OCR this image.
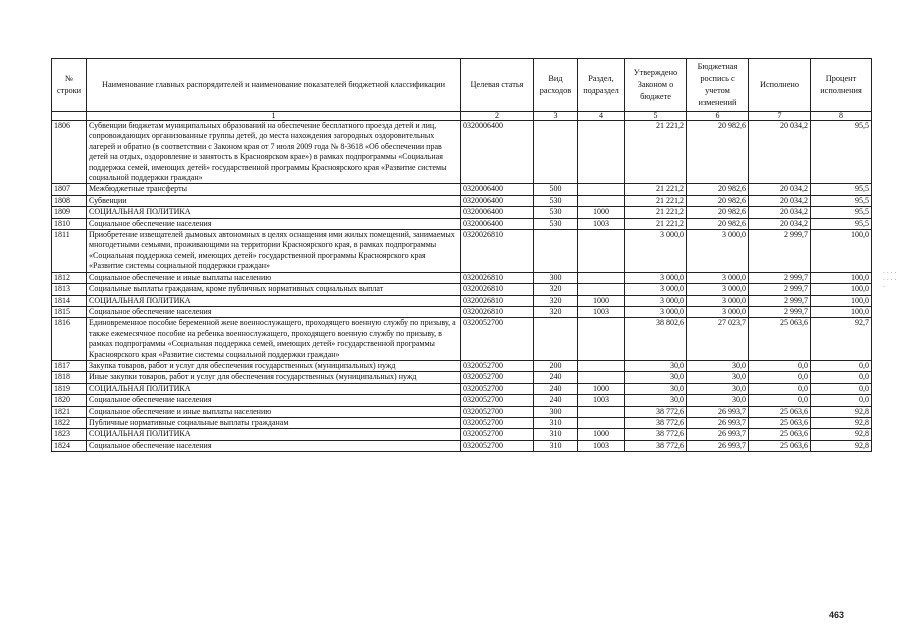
№ строки	Наименование главных распорядителей и наименование показателей бюджетной классификации	Целевая статья	Вид расходов	Раздел, подраздел	Утверждено Законом о бюджете	Бюджетная роспись с учетом изменений	Исполнено	Процент исполнения
	1	2	3	4	5	6	7	8
1806	Субвенции бюджетам муниципальных образований на обеспечение бесплатного проезда детей и лиц, сопровождающих организованные группы детей, до места нахождения загородных оздоровительных лагерей и обратно (в соответствии с Законом края от 7 июля 2009 года № 8-3618 «Об обеспечении прав детей на отдых, оздоровление и занятость в Красноярском крае») в рамках подпрограммы «Социальная поддержка семей, имеющих детей» государственной программы Красноярского края «Развитие системы социальной поддержки граждан»	0320006400			21 221,2	20 982,6	20 034,2	95,5
1807	Межбюджетные трансферты	0320006400	500		21 221,2	20 982,6	20 034,2	95,5
1808	Субвенции	0320006400	530		21 221,2	20 982,6	20 034,2	95,5
1809	СОЦИАЛЬНАЯ ПОЛИТИКА	0320006400	530	1000	21 221,2	20 982,6	20 034,2	95,5
1810	Социальное обеспечение населения	0320006400	530	1003	21 221,2	20 982,6	20 034,2	95,5
1811	Приобретение извещателей дымовых автономных в целях оснащения ими жилых помещений, занимаемых многодетными семьями, проживающими на территории Красноярского края, в рамках подпрограммы «Социальная поддержка семей, имеющих детей» государственной программы Красноярского края «Развитие системы социальной поддержки граждан»	0320026810			3 000,0	3 000,0	2 999,7	100,0
1812	Социальное обеспечение и иные выплаты населению	0320026810	300		3 000,0	3 000,0	2 999,7	100,0
1813	Социальные выплаты гражданам, кроме публичных нормативных социальных выплат	0320026810	320		3 000,0	3 000,0	2 999,7	100,0
1814	СОЦИАЛЬНАЯ ПОЛИТИКА	0320026810	320	1000	3 000,0	3 000,0	2 999,7	100,0
1815	Социальное обеспечение населения	0320026810	320	1003	3 000,0	3 000,0	2 999,7	100,0
1816	Единовременное пособие беременной жене военнослужащего, проходящего военную службу по призыву, а также ежемесячное пособие на ребенка военнослужащего, проходящего военную службу по призыву, в рамках подпрограммы «Социальная поддержка семей, имеющих детей» государственной программы Красноярского края «Развитие системы социальной поддержки граждан»	0320052700			38 802,6	27 023,7	25 063,6	92,7
1817	Закупка товаров, работ и услуг для обеспечения государственных (муниципальных) нужд	0320052700	200		30,0	30,0	0,0	0,0
1818	Иные закупки товаров, работ и услуг для обеспечения государственных (муниципальных) нужд	0320052700	240		30,0	30,0	0,0	0,0
1819	СОЦИАЛЬНАЯ ПОЛИТИКА	0320052700	240	1000	30,0	30,0	0,0	0,0
1820	Социальное обеспечение населения	0320052700	240	1003	30,0	30,0	0,0	0,0
1821	Социальное обеспечение и иные выплаты населению	0320052700	300		38 772,6	26 993,7	25 063,6	92,8
1822	Публичные нормативные социальные выплаты гражданам	0320052700	310		38 772,6	26 993,7	25 063,6	92,8
1823	СОЦИАЛЬНАЯ ПОЛИТИКА	0320052700	310	1000	38 772,6	26 993,7	25 063,6	92,8
1824	Социальное обеспечение населения	0320052700	310	1003	38 772,6	26 993,7	25 063,6	92,8
· · · · · · · · ·
463
